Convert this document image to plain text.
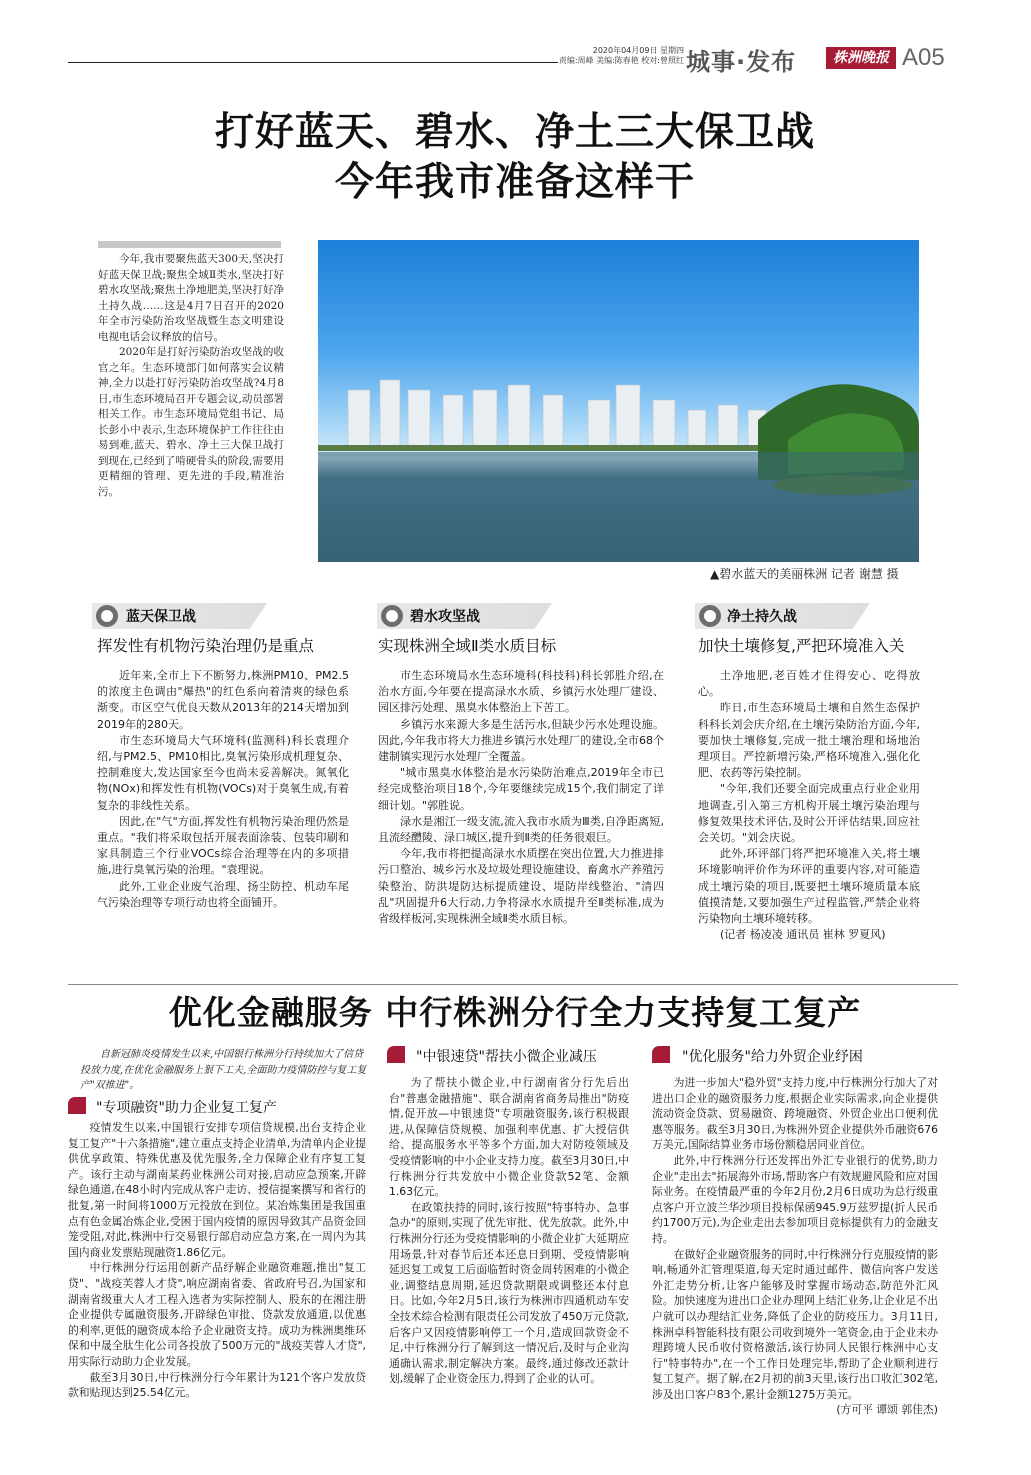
2020年04月09日 星期四
责编:周峰 美编:陈春艳 校对:曾照红 城事·发布	株洲晚报 A05
打好蓝天、碧水、净土三大保卫战
今年我市准备这样干

今年,我市要聚焦蓝天300天,坚决打好蓝天保卫战;聚焦全域Ⅱ类水,坚决打好碧水攻坚战;聚焦土净地肥美,坚决打好净土持久战……这是4月7日召开的2020年全市污染防治攻坚战暨生态文明建设电视电话会议释放的信号。

2020年是打好污染防治攻坚战的收官之年。生态环境部门如何落实会议精神,全力以赴打好污染防治攻坚战?4月8日,市生态环境局召开专题会议,动员部署相关工作。市生态环境局党组书记、局长彭小中表示,生态环境保护工作往往由易到难,蓝天、碧水、净土三大保卫战打到现在,已经到了啃硬骨头的阶段,需要用更精细的管理、更先进的手段,精准治污。

▲碧水蓝天的美丽株洲 记者 谢慧 摄
蓝天保卫战
挥发性有机物污染治理仍是重点

近年来,全市上下不断努力,株洲PM10、PM2.5的浓度主色调由"爆热"的红色系向着清爽的绿色系渐变。市区空气优良天数从2013年的214天增加到2019年的280天。

市生态环境局大气环境科(监测科)科长袁理介绍,与PM2.5、PM10相比,臭氧污染形成机理复杂、控制难度大,发达国家至今也尚未妥善解决。氮氧化物(NOx)和挥发性有机物(VOCs)对于臭氧生成,有着复杂的非线性关系。

因此,在"气"方面,挥发性有机物污染治理仍然是重点。"我们将采取包括开展表面涂装、包装印刷和家具制造三个行业VOCs综合治理等在内的多项措施,进行臭氧污染的治理。"袁理说。

此外,工业企业废气治理、扬尘防控、机动车尾气污染治理等专项行动也将全面铺开。

碧水攻坚战
实现株洲全域Ⅱ类水质目标

市生态环境局水生态环境科(科技科)科长郭胜介绍,在治水方面,今年要在提高渌水水质、乡镇污水处理厂建设、园区排污处理、黑臭水体整治上下苦工。

乡镇污水来源大多是生活污水,但缺少污水处理设施。因此,今年我市将大力推进乡镇污水处理厂的建设,全市68个建制镇实现污水处理厂全覆盖。

"城市黑臭水体整治是水污染防治难点,2019年全市已经完成整治项目18个,今年要继续完成15个,我们制定了详细计划。"郭胜说。

渌水是湘江一级支流,流入我市水质为Ⅲ类,自净距离短,且流经醴陵、渌口城区,提升到Ⅱ类的任务很艰巨。

今年,我市将把提高渌水水质摆在突出位置,大力推进排污口整治、城乡污水及垃圾处理设施建设、畜禽水产养殖污染整治、防洪堤防达标提质建设、堤防岸线整治、"清四乱"巩固提升6大行动,力争将渌水水质提升至Ⅱ类标准,成为省级样板河,实现株洲全域Ⅱ类水质目标。

净土持久战
加快土壤修复,严把环境准入关

土净地肥,老百姓才住得安心、吃得放心。

昨日,市生态环境局土壤和自然生态保护科科长刘会庆介绍,在土壤污染防治方面,今年,要加快土壤修复,完成一批土壤治理和场地治理项目。严控新增污染,严格环境准入,强化化肥、农药等污染控制。

"今年,我们还要全面完成重点行业企业用地调查,引入第三方机构开展土壤污染治理与修复效果技术评估,及时公开评估结果,回应社会关切。"刘会庆说。

此外,环评部门将严把环境准入关,将土壤环境影响评价作为环评的重要内容,对可能造成土壤污染的项目,既要把土壤环境质量本底值摸清楚,又要加强生产过程监管,严禁企业将污染物向土壤环境转移。

(记者 杨凌凌 通讯员 崔林 罗夏风)

优化金融服务 中行株洲分行全力支持复工复产

自新冠肺炎疫情发生以来,中国银行株洲分行持续加大了信贷投放力度,在优化金融服务上狠下工夫,全面助力疫情防控与复工复产"双推进"。

"专项融资"助力企业复工复产

疫情发生以来,中国银行安排专项信贷规模,出台支持企业复工复产"十六条措施",建立重点支持企业清单,为清单内企业提供优享政策、特殊优惠及优先服务,全力保障企业有序复工复产。该行主动与湖南某药业株洲公司对接,启动应急预案,开辟绿色通道,在48小时内完成从客户走访、授信提案撰写和省行的批复,第一时间将1000万元投放在到位。某冶炼集团是我国重点有色金属冶炼企业,受困于国内疫情的原因导致其产品资金回笼受阻,对此,株洲中行交易银行部启动应急方案,在一周内为其国内商业发票贴现融资1.86亿元。

中行株洲分行运用创新产品纾解企业融资难题,推出"复工贷"、"战疫芙蓉人才贷",响应湖南省委、省政府号召,为国家和湖南省级重大人才工程入选者为实际控制人、股东的在湘注册企业提供专属融资服务,开辟绿色审批、贷款发放通道,以优惠的利率,更低的融资成本给予企业融资支持。成功为株洲奥维环保和中晟全肽生化公司各投放了500万元的"战疫芙蓉人才贷",用实际行动助力企业发展。

截至3月30日,中行株洲分行今年累计为121个客户发放贷款和贴现达到25.54亿元。

"中银速贷"帮扶小微企业减压

为了帮扶小微企业,中行湖南省分行先后出台"普惠金融措施"、联合湖南省商务局推出"防疫情,促开放—中银速贷"专项融资服务,该行积极跟进,从保障信贷规模、加强利率优惠、扩大授信供给、提高服务水平等多个方面,加大对防疫领域及受疫情影响的中小企业支持力度。截至3月30日,中行株洲分行共发放中小微企业贷款52笔、金额1.63亿元。

在政策扶持的同时,该行按照"特事特办、急事急办"的原则,实现了优先审批、优先放款。此外,中行株洲分行还为受疫情影响的小微企业扩大延期应用场景,针对春节后还本还息日到期、受疫情影响延迟复工或复工后面临暂时资金周转困难的小微企业,调整结息周期,延迟贷款期限或调整还本付息日。比如,今年2月5日,该行为株洲市四通机动车安全技术综合检测有限责任公司发放了450万元贷款,后客户又因疫情影响停工一个月,造成回款资金不足,中行株洲分行了解到这一情况后,及时与企业沟通确认需求,制定解决方案。最终,通过修改还款计划,缓解了企业资金压力,得到了企业的认可。

"优化服务"给力外贸企业纾困

为进一步加大"稳外贸"支持力度,中行株洲分行加大了对进出口企业的融资服务力度,根据企业实际需求,向企业提供流动资金贷款、贸易融资、跨境融资、外贸企业出口便利优惠等服务。截至3月30日,为株洲外贸企业提供外币融资676万美元,国际结算业务市场份额稳居同业首位。

此外,中行株洲分行还发挥出外汇专业银行的优势,助力企业"走出去"拓展海外市场,帮助客户有效规避风险和应对国际业务。在疫情最严重的今年2月份,2月6日成功为总行级重点客户开立波兰华沙项目投标保函945.9万兹罗提(折人民币约1700万元),为企业走出去参加项目竞标提供有力的金融支持。

在做好企业融资服务的同时,中行株洲分行克服疫情的影响,畅通外汇管理渠道,每天定时通过邮件、微信向客户发送外汇走势分析,让客户能够及时掌握市场动态,防范外汇风险。加快速度为进出口企业办理网上结汇业务,让企业足不出户就可以办理结汇业务,降低了企业的防疫压力。3月11日,株洲卓科智能科技有限公司收到境外一笔资金,由于企业未办理跨境人民币收付资格激活,该行协同人民银行株洲中心支行"特事特办",在一个工作日处理完毕,帮助了企业顺利进行复工复产。据了解,在2月初的前3天里,该行出口收汇302笔,涉及出口客户83个,累计金额1275万美元。

(方可平 谭颂 郭佳杰)
